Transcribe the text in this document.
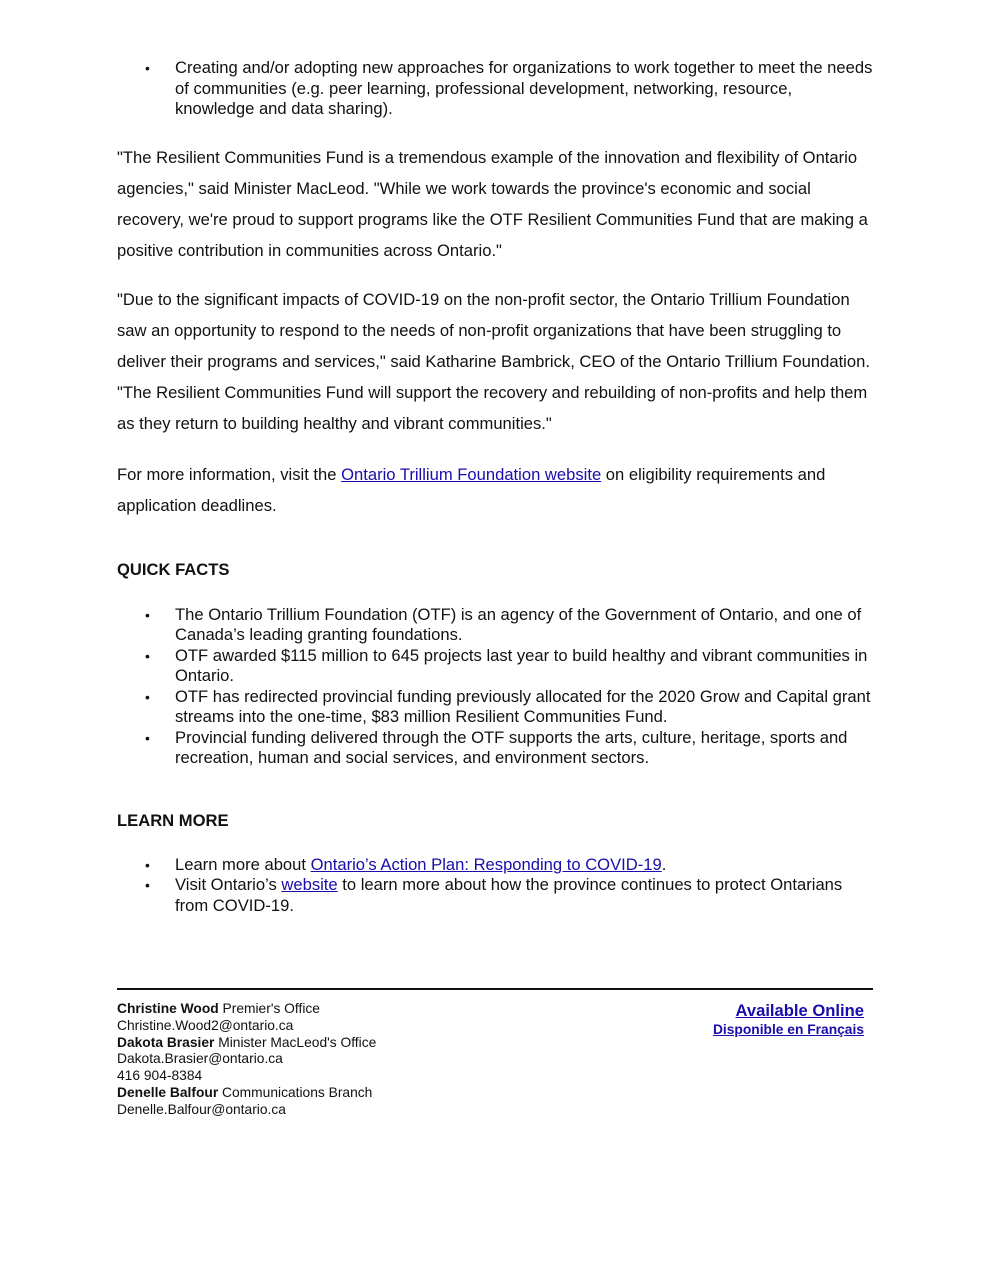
• Creating and/or adopting new approaches for organizations to work together to meet the needs of communities (e.g. peer learning, professional development, networking, resource, knowledge and data sharing).

"The Resilient Communities Fund is a tremendous example of the innovation and flexibility of Ontario agencies," said Minister MacLeod. "While we work towards the province's economic and social recovery, we're proud to support programs like the OTF Resilient Communities Fund that are making a positive contribution in communities across Ontario."

"Due to the significant impacts of COVID-19 on the non-profit sector, the Ontario Trillium Foundation saw an opportunity to respond to the needs of non-profit organizations that have been struggling to deliver their programs and services," said Katharine Bambrick, CEO of the Ontario Trillium Foundation. "The Resilient Communities Fund will support the recovery and rebuilding of non-profits and help them as they return to building healthy and vibrant communities."

For more information, visit the Ontario Trillium Foundation website on eligibility requirements and application deadlines.

QUICK FACTS
• The Ontario Trillium Foundation (OTF) is an agency of the Government of Ontario, and one of Canada’s leading granting foundations.
• OTF awarded $115 million to 645 projects last year to build healthy and vibrant communities in Ontario.
• OTF has redirected provincial funding previously allocated for the 2020 Grow and Capital grant streams into the one-time, $83 million Resilient Communities Fund.
• Provincial funding delivered through the OTF supports the arts, culture, heritage, sports and recreation, human and social services, and environment sectors.
LEARN MORE
• Learn more about Ontario’s Action Plan: Responding to COVID-19.
• Visit Ontario’s website to learn more about how the province continues to protect Ontarians from COVID-19.
Christine Wood Premier's Office
Christine.Wood2@ontario.ca
Dakota Brasier Minister MacLeod's Office
Dakota.Brasier@ontario.ca
416 904-8384
Denelle Balfour Communications Branch
Denelle.Balfour@ontario.ca
Available Online
Disponible en Français
